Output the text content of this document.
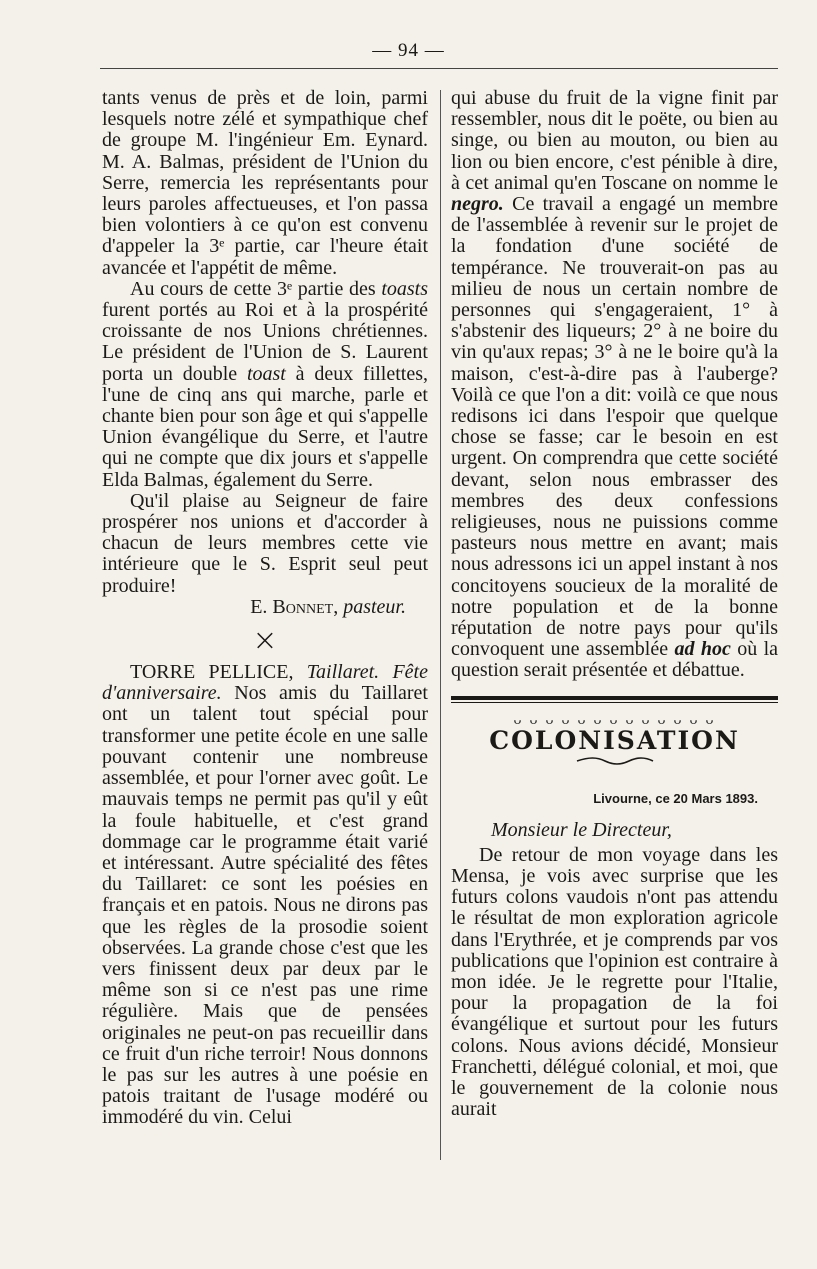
— 94 —

tants venus de près et de loin, parmi lesquels notre zélé et sympathique chef de groupe M. l'ingénieur Em. Eynard. M. A. Balmas, président de l'Union du Serre, remercia les représentants pour leurs paroles affectueuses, et l'on passa bien volontiers à ce qu'on est convenu d'appeler la 3ᵉ partie, car l'heure était avancée et l'appétit de même.

Au cours de cette 3ᵉ partie des toasts furent portés au Roi et à la prospérité croissante de nos Unions chrétiennes. Le président de l'Union de S. Laurent porta un double toast à deux fillettes, l'une de cinq ans qui marche, parle et chante bien pour son âge et qui s'appelle Union évangélique du Serre, et l'autre qui ne compte que dix jours et s'appelle Elda Balmas, également du Serre.

Qu'il plaise au Seigneur de faire prospérer nos unions et d'accorder à chacun de leurs membres cette vie intérieure que le S. Esprit seul peut produire!

E. Bonnet, pasteur.

×

TORRE PELLICE, Taillaret. Fête d'anniversaire. Nos amis du Taillaret ont un talent tout spécial pour transformer une petite école en une salle pouvant contenir une nombreuse assemblée, et pour l'orner avec goût. Le mauvais temps ne permit pas qu'il y eût la foule habituelle, et c'est grand dommage car le programme était varié et intéressant. Autre spécialité des fêtes du Taillaret: ce sont les poésies en français et en patois. Nous ne dirons pas que les règles de la prosodie soient observées. La grande chose c'est que les vers finissent deux par deux par le même son si ce n'est pas une rime régulière. Mais que de pensées originales ne peut-on pas recueillir dans ce fruit d'un riche terroir! Nous donnons le pas sur les autres à une poésie en patois traitant de l'usage modéré ou immodéré du vin. Celui

qui abuse du fruit de la vigne finit par ressembler, nous dit le poëte, ou bien au singe, ou bien au mouton, ou bien au lion ou bien encore, c'est pénible à dire, à cet animal qu'en Toscane on nomme le negro. Ce travail a engagé un membre de l'assemblée à revenir sur le projet de la fondation d'une société de tempérance. Ne trouverait-on pas au milieu de nous un certain nombre de personnes qui s'engageraient, 1° à s'abstenir des liqueurs; 2° à ne boire du vin qu'aux repas; 3° à ne le boire qu'à la maison, c'est-à-dire pas à l'auberge? Voilà ce que l'on a dit: voilà ce que nous redisons ici dans l'espoir que quelque chose se fasse; car le besoin en est urgent. On comprendra que cette société devant, selon nous embrasser des membres des deux confessions religieuses, nous ne puissions comme pasteurs nous mettre en avant; mais nous adressons ici un appel instant à nos concitoyens soucieux de la moralité de notre population et de la bonne réputation de notre pays pour qu'ils convoquent une assemblée ad hoc où la question serait présentée et débattue.

ᴗ ᴗ ᴗ ᴗ ᴗ ᴗ ᴗ ᴗ ᴗ ᴗ ᴗ ᴗ ᴗ

COLONISATION

Livourne, ce 20 Mars 1893.

Monsieur le Directeur,

De retour de mon voyage dans les Mensa, je vois avec surprise que les futurs colons vaudois n'ont pas attendu le résultat de mon exploration agricole dans l'Erythrée, et je comprends par vos publications que l'opinion est contraire à mon idée. Je le regrette pour l'Italie, pour la propagation de la foi évangélique et surtout pour les futurs colons. Nous avions décidé, Monsieur Franchetti, délégué colonial, et moi, que le gouvernement de la colonie nous aurait
